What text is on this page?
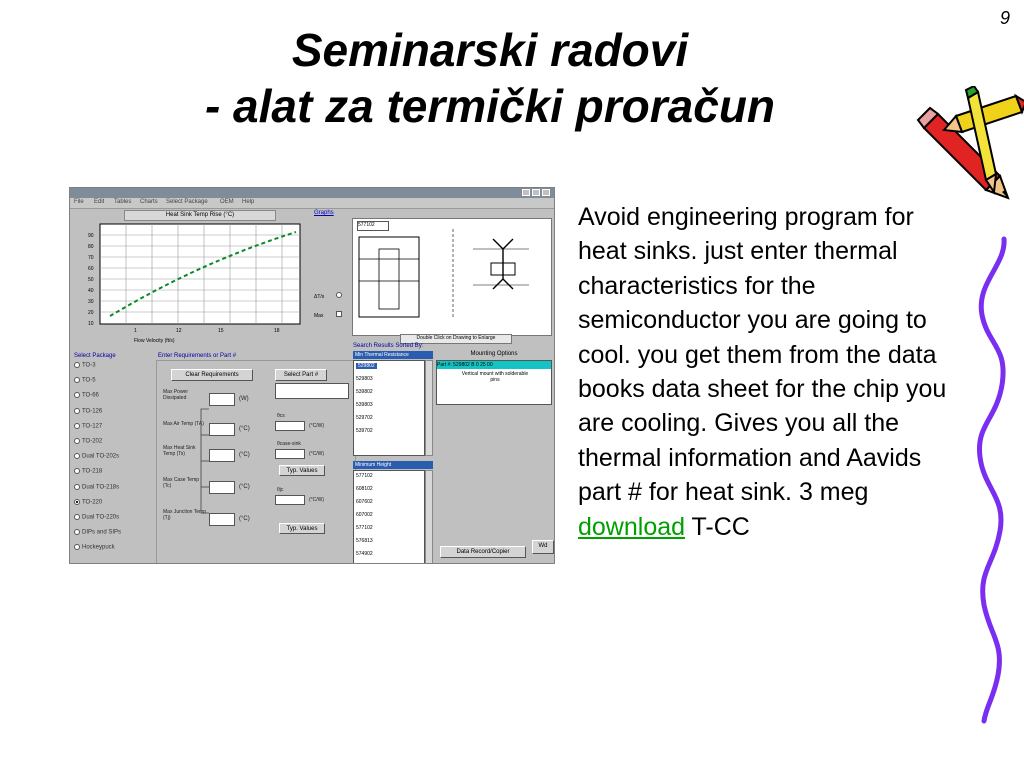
9
Seminarski radovi
- alat za termički proračun
File Edit Tables Charts Select Package OEM Help
Heat Sink Temp Rise (°C)	Graphs
90
80
70
60
50
40
30
20
10
1	12	15	18
Flow Velocity (ft/s)
ΔT/s
Max
577102
Double Click on Drawing to Enlarge
Select Package	Enter Requirements or Part #
TO-3
TO-5
TO-66
TO-126
TO-127
TO-202
Dual TO-202s
TO-218
Dual TO-218s
TO-220
Dual TO-220s
DIPs and SIPs
Hockeypuck
Clear Requirements	Select Part #
Max Power Dissipated	(W)
Max Air Temp (TA)
(°C)
Max Heat Sink Temp (Ts)	(°C)
Max Case Temp (Tc)	(°C)
Max Junction Temp (Tj)	(°C)
θcs
(°C/W)
θcase-sink
(°C/W)
Typ. Values
θjc
(°C/W)
Typ. Values
Search Results Sorted By:
Min Thermal Resistance
529802
529803
539802
539803
529702
539702
Minimum Height
577102
608102
607602
607002
577102
576813
574902
Mounting Options
Part #: 529802 B 0 25 00
Vertical mount with solderable pins
Data Record/Copier
Wd

Avoid engineering program for heat sinks. just enter thermal characteristics for the semiconductor you are going to cool. you get them from the data books data sheet for the chip you are cooling. Gives you all the thermal information and Aavids part # for heat sink. 3 meg download T-CC
